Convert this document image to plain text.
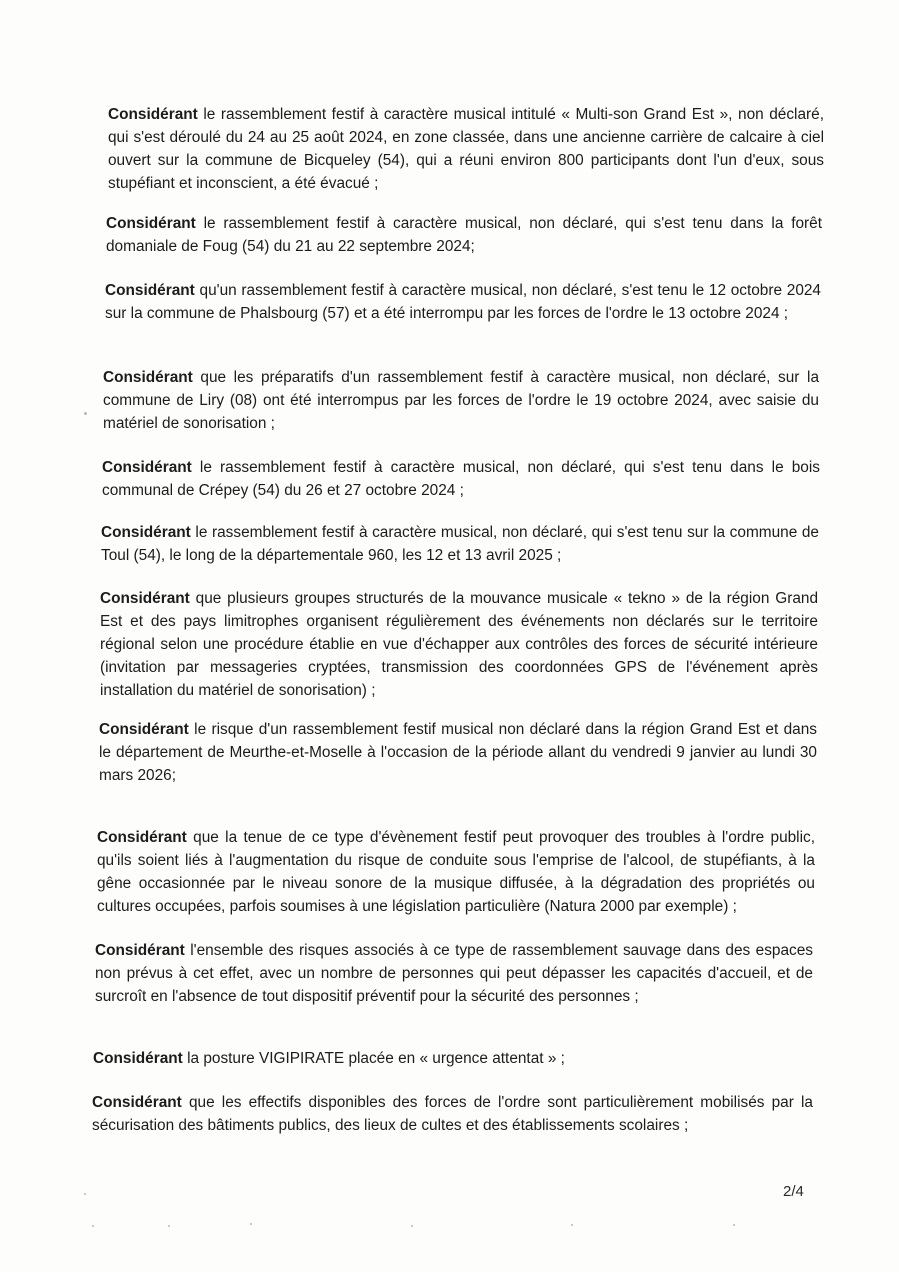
Considérant le rassemblement festif à caractère musical intitulé « Multi-son Grand Est », non déclaré, qui s'est déroulé du 24 au 25 août 2024, en zone classée, dans une ancienne carrière de calcaire à ciel ouvert sur la commune de Bicqueley (54), qui a réuni environ 800 participants dont l'un d'eux, sous stupéfiant et inconscient, a été évacué ;

Considérant le rassemblement festif à caractère musical, non déclaré, qui s'est tenu dans la forêt domaniale de Foug (54) du 21 au 22 septembre 2024;

Considérant qu'un rassemblement festif à caractère musical, non déclaré, s'est tenu le 12 octobre 2024 sur la commune de Phalsbourg (57) et a été interrompu par les forces de l'ordre le 13 octobre 2024 ;

Considérant que les préparatifs d'un rassemblement festif à caractère musical, non déclaré, sur la commune de Liry (08) ont été interrompus par les forces de l'ordre le 19 octobre 2024, avec saisie du matériel de sonorisation ;

Considérant le rassemblement festif à caractère musical, non déclaré, qui s'est tenu dans le bois communal de Crépey (54) du 26 et 27 octobre 2024 ;

Considérant le rassemblement festif à caractère musical, non déclaré, qui s'est tenu sur la commune de Toul (54), le long de la départementale 960, les 12 et 13 avril 2025 ;

Considérant que plusieurs groupes structurés de la mouvance musicale « tekno » de la région Grand Est et des pays limitrophes organisent régulièrement des événements non déclarés sur le territoire régional selon une procédure établie en vue d'échapper aux contrôles des forces de sécurité intérieure (invitation par messageries cryptées, transmission des coordonnées GPS de l'événement après installation du matériel de sonorisation) ;

Considérant le risque d'un rassemblement festif musical non déclaré dans la région Grand Est et dans le département de Meurthe-et-Moselle à l'occasion de la période allant du vendredi 9 janvier au lundi 30 mars 2026;

Considérant que la tenue de ce type d'évènement festif peut provoquer des troubles à l'ordre public, qu'ils soient liés à l'augmentation du risque de conduite sous l'emprise de l'alcool, de stupéfiants, à la gêne occasionnée par le niveau sonore de la musique diffusée, à la dégradation des propriétés ou cultures occupées, parfois soumises à une législation particulière (Natura 2000 par exemple) ;

Considérant l'ensemble des risques associés à ce type de rassemblement sauvage dans des espaces non prévus à cet effet, avec un nombre de personnes qui peut dépasser les capacités d'accueil, et de surcroît en l'absence de tout dispositif préventif pour la sécurité des personnes ;

Considérant la posture VIGIPIRATE placée en « urgence attentat » ;

Considérant que les effectifs disponibles des forces de l'ordre sont particulièrement mobilisés par la sécurisation des bâtiments publics, des lieux de cultes et des établissements scolaires ;

2/4
